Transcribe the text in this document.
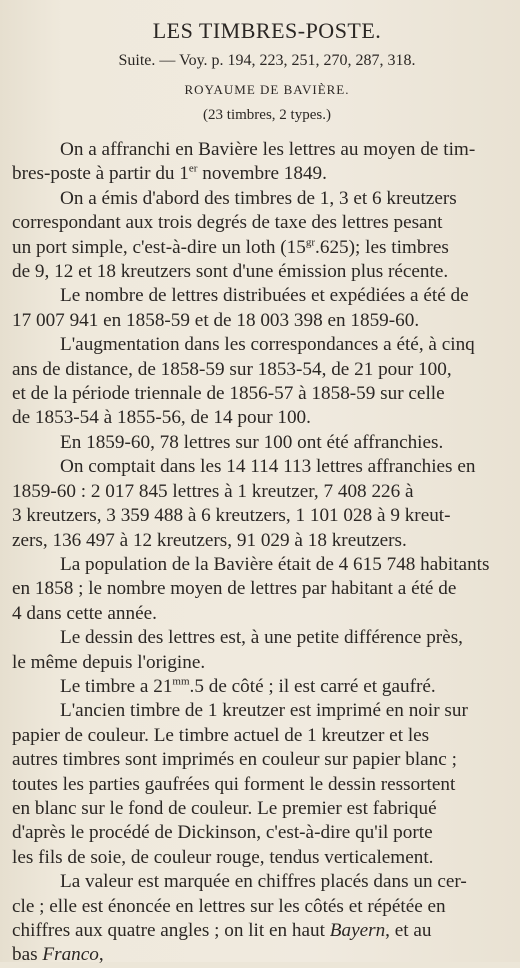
LES TIMBRES-POSTE.
Suite. — Voy. p. 194, 223, 251, 270, 287, 318.
ROYAUME DE BAVIÈRE.
(23 timbres, 2 types.)

On a affranchi en Bavière les lettres au moyen de tim-

bres-poste à partir du 1er novembre 1849.

On a émis d'abord des timbres de 1, 3 et 6 kreutzers

correspondant aux trois degrés de taxe des lettres pesant

un port simple, c'est-à-dire un loth $(15^{gr}.625)$; les timbres

de 9, 12 et 18 kreutzers sont d'une émission plus récente.

Le nombre de lettres distribuées et expédiées a été de

17 007 941 en 1858-59 et de 18 003 398 en 1859-60.

L'augmentation dans les correspondances a été, à cinq

ans de distance, de 1858-59 sur 1853-54, de 21 pour 100,

et de la période triennale de 1856-57 à 1858-59 sur celle

de 1853-54 à 1855-56, de 14 pour 100.

En 1859-60, 78 lettres sur 100 ont été affranchies.

On comptait dans les 14 114 113 lettres affranchies en

1859-60 : 2 017 845 lettres à 1 kreutzer, 7 408 226 à

3 kreutzers, 3 359 488 à 6 kreutzers, 1 101 028 à 9 kreut-

zers, 136 497 à 12 kreutzers, 91 029 à 18 kreutzers.

La population de la Bavière était de 4 615 748 habitants

en 1858 ; le nombre moyen de lettres par habitant a été de

4 dans cette année.

Le dessin des lettres est, à une petite différence près,

le même depuis l'origine.

Le timbre a $21^{mm}.5$ de côté ; il est carré et gaufré.

L'ancien timbre de 1 kreutzer est imprimé en noir sur

papier de couleur. Le timbre actuel de 1 kreutzer et les

autres timbres sont imprimés en couleur sur papier blanc ;

toutes les parties gaufrées qui forment le dessin ressortent

en blanc sur le fond de couleur. Le premier est fabriqué

d'après le procédé de Dickinson, c'est-à-dire qu'il porte

les fils de soie, de couleur rouge, tendus verticalement.

La valeur est marquée en chiffres placés dans un cer-

cle ; elle est énoncée en lettres sur les côtés et répétée en

chiffres aux quatre angles ; on lit en haut Bayern, et au

bas Franco,
